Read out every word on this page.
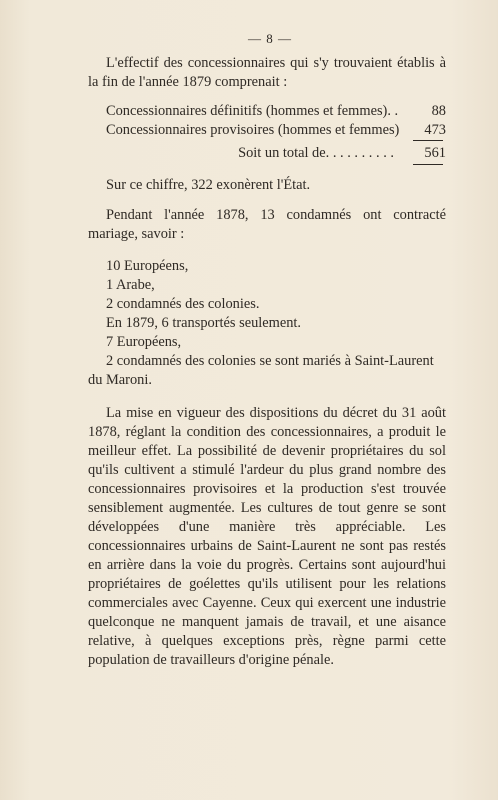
— 8 —

L'effectif des concessionnaires qui s'y trouvaient établis à la fin de l'année 1879 comprenait :

Concessionnaires définitifs (hommes et femmes). .	88
Concessionnaires provisoires (hommes et femmes)	473
Soit un total de. . . . . . . . . .	561

Sur ce chiffre, 322 exonèrent l'État.

Pendant l'année 1878, 13 condamnés ont contracté mariage, savoir :

10 Européens,

1 Arabe,

2 condamnés des colonies.

En 1879, 6 transportés seulement.

7 Européens,

2 condamnés des colonies se sont mariés à Saint-Laurent

du Maroni.

La mise en vigueur des dispositions du décret du 31 août 1878, réglant la condition des concessionnaires, a produit le meilleur effet. La possibilité de devenir propriétaires du sol qu'ils cultivent a stimulé l'ardeur du plus grand nombre des concessionnaires provisoires et la production s'est trouvée sensiblement augmentée. Les cultures de tout genre se sont développées d'une manière très appréciable. Les concessionnaires urbains de Saint-Laurent ne sont pas restés en arrière dans la voie du progrès. Certains sont aujourd'hui propriétaires de goélettes qu'ils utilisent pour les relations commerciales avec Cayenne. Ceux qui exercent une industrie quelconque ne manquent jamais de travail, et une aisance relative, à quelques exceptions près, règne parmi cette population de travailleurs d'origine pénale.
